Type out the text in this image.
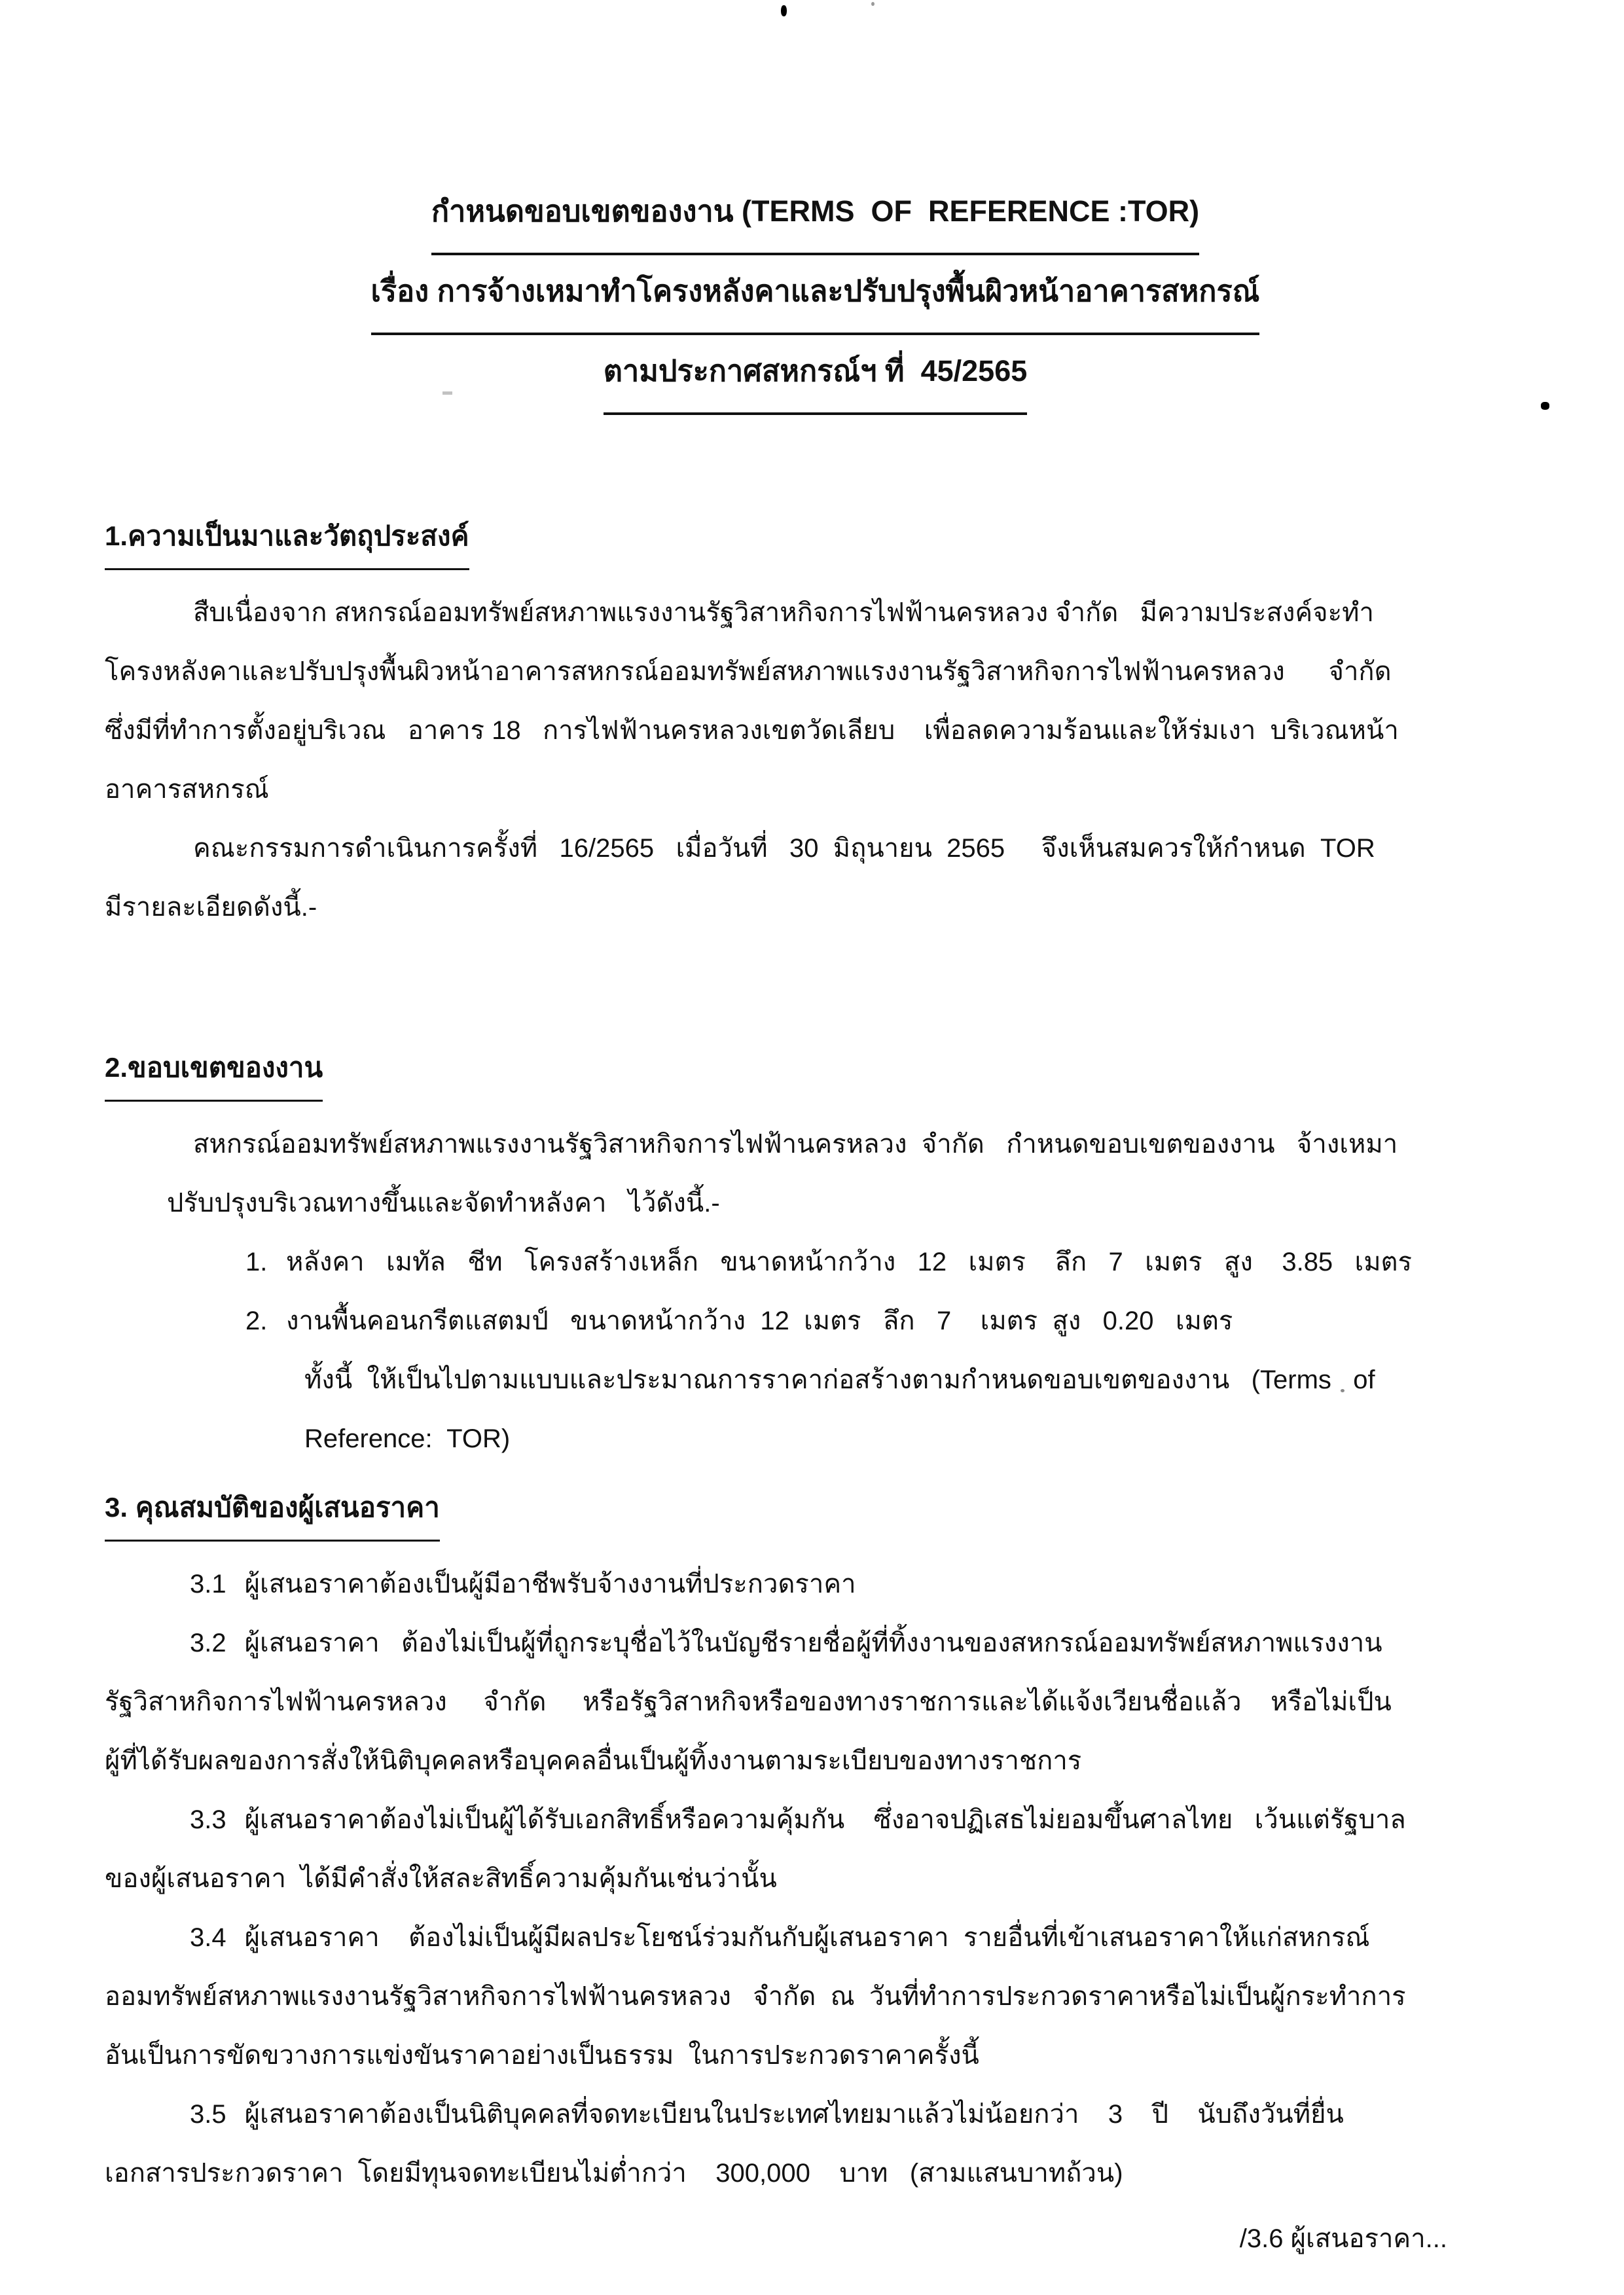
กำหนดขอบเขตของงาน (TERMS  OF  REFERENCE :TOR)
เรื่อง การจ้างเหมาทำโครงหลังคาและปรับปรุงพื้นผิวหน้าอาคารสหกรณ์
ตามประกาศสหกรณ์ฯ ที่  45/2565
1.ความเป็นมาและวัตถุประสงค์
สืบเนื่องจาก สหกรณ์ออมทรัพย์สหภาพแรงงานรัฐวิสาหกิจการไฟฟ้านครหลวง จำกัด   มีความประสงค์จะทำ
โครงหลังคาและปรับปรุงพื้นผิวหน้าอาคารสหกรณ์ออมทรัพย์สหภาพแรงงานรัฐวิสาหกิจการไฟฟ้านครหลวง      จำกัด
ซึ่งมีที่ทำการตั้งอยู่บริเวณ   อาคาร 18   การไฟฟ้านครหลวงเขตวัดเลียบ    เพื่อลดความร้อนและให้ร่มเงา  บริเวณหน้า
อาคารสหกรณ์
คณะกรรมการดำเนินการครั้งที่   16/2565   เมื่อวันที่   30  มิถุนายน  2565     จึงเห็นสมควรให้กำหนด  TOR
มีรายละเอียดดังนี้.-
2.ขอบเขตของงาน
สหกรณ์ออมทรัพย์สหภาพแรงงานรัฐวิสาหกิจการไฟฟ้านครหลวง  จำกัด   กำหนดขอบเขตของงาน   จ้างเหมา
ปรับปรุงบริเวณทางขึ้นและจัดทำหลังคา   ไว้ดังนี้.-
1. หลังคา   เมทัล   ชีท   โครงสร้างเหล็ก   ขนาดหน้ากว้าง   12   เมตร    ลึก   7   เมตร   สูง    3.85   เมตร
2. งานพื้นคอนกรีตแสตมป์   ขนาดหน้ากว้าง  12  เมตร   ลึก   7    เมตร  สูง   0.20   เมตร
ทั้งนี้  ให้เป็นไปตามแบบและประมาณการราคาก่อสร้างตามกำหนดขอบเขตของงาน   (Terms   of
Reference:  TOR)
3. คุณสมบัติของผู้เสนอราคา
3.1 ผู้เสนอราคาต้องเป็นผู้มีอาชีพรับจ้างงานที่ประกวดราคา
3.2 ผู้เสนอราคา   ต้องไม่เป็นผู้ที่ถูกระบุชื่อไว้ในบัญชีรายชื่อผู้ที่ทิ้งงานของสหกรณ์ออมทรัพย์สหภาพแรงงาน
รัฐวิสาหกิจการไฟฟ้านครหลวง     จำกัด     หรือรัฐวิสาหกิจหรือของทางราชการและได้แจ้งเวียนชื่อแล้ว    หรือไม่เป็น
ผู้ที่ได้รับผลของการสั่งให้นิติบุคคลหรือบุคคลอื่นเป็นผู้ทิ้งงานตามระเบียบของทางราชการ
3.3 ผู้เสนอราคาต้องไม่เป็นผู้ได้รับเอกสิทธิ์หรือความคุ้มกัน    ซึ่งอาจปฏิเสธไม่ยอมขึ้นศาลไทย   เว้นแต่รัฐบาล
ของผู้เสนอราคา  ได้มีคำสั่งให้สละสิทธิ์ความคุ้มกันเช่นว่านั้น
3.4 ผู้เสนอราคา    ต้องไม่เป็นผู้มีผลประโยชน์ร่วมกันกับผู้เสนอราคา  รายอื่นที่เข้าเสนอราคาให้แก่สหกรณ์
ออมทรัพย์สหภาพแรงงานรัฐวิสาหกิจการไฟฟ้านครหลวง   จำกัด  ณ  วันที่ทำการประกวดราคาหรือไม่เป็นผู้กระทำการ
อันเป็นการขัดขวางการแข่งขันราคาอย่างเป็นธรรม  ในการประกวดราคาครั้งนี้
3.5 ผู้เสนอราคาต้องเป็นนิติบุคคลที่จดทะเบียนในประเทศไทยมาแล้วไม่น้อยกว่า    3    ปี    นับถึงวันที่ยื่น
เอกสารประกวดราคา  โดยมีทุนจดทะเบียนไม่ต่ำกว่า    300,000    บาท   (สามแสนบาทถ้วน)
/3.6 ผู้เสนอราคา...
